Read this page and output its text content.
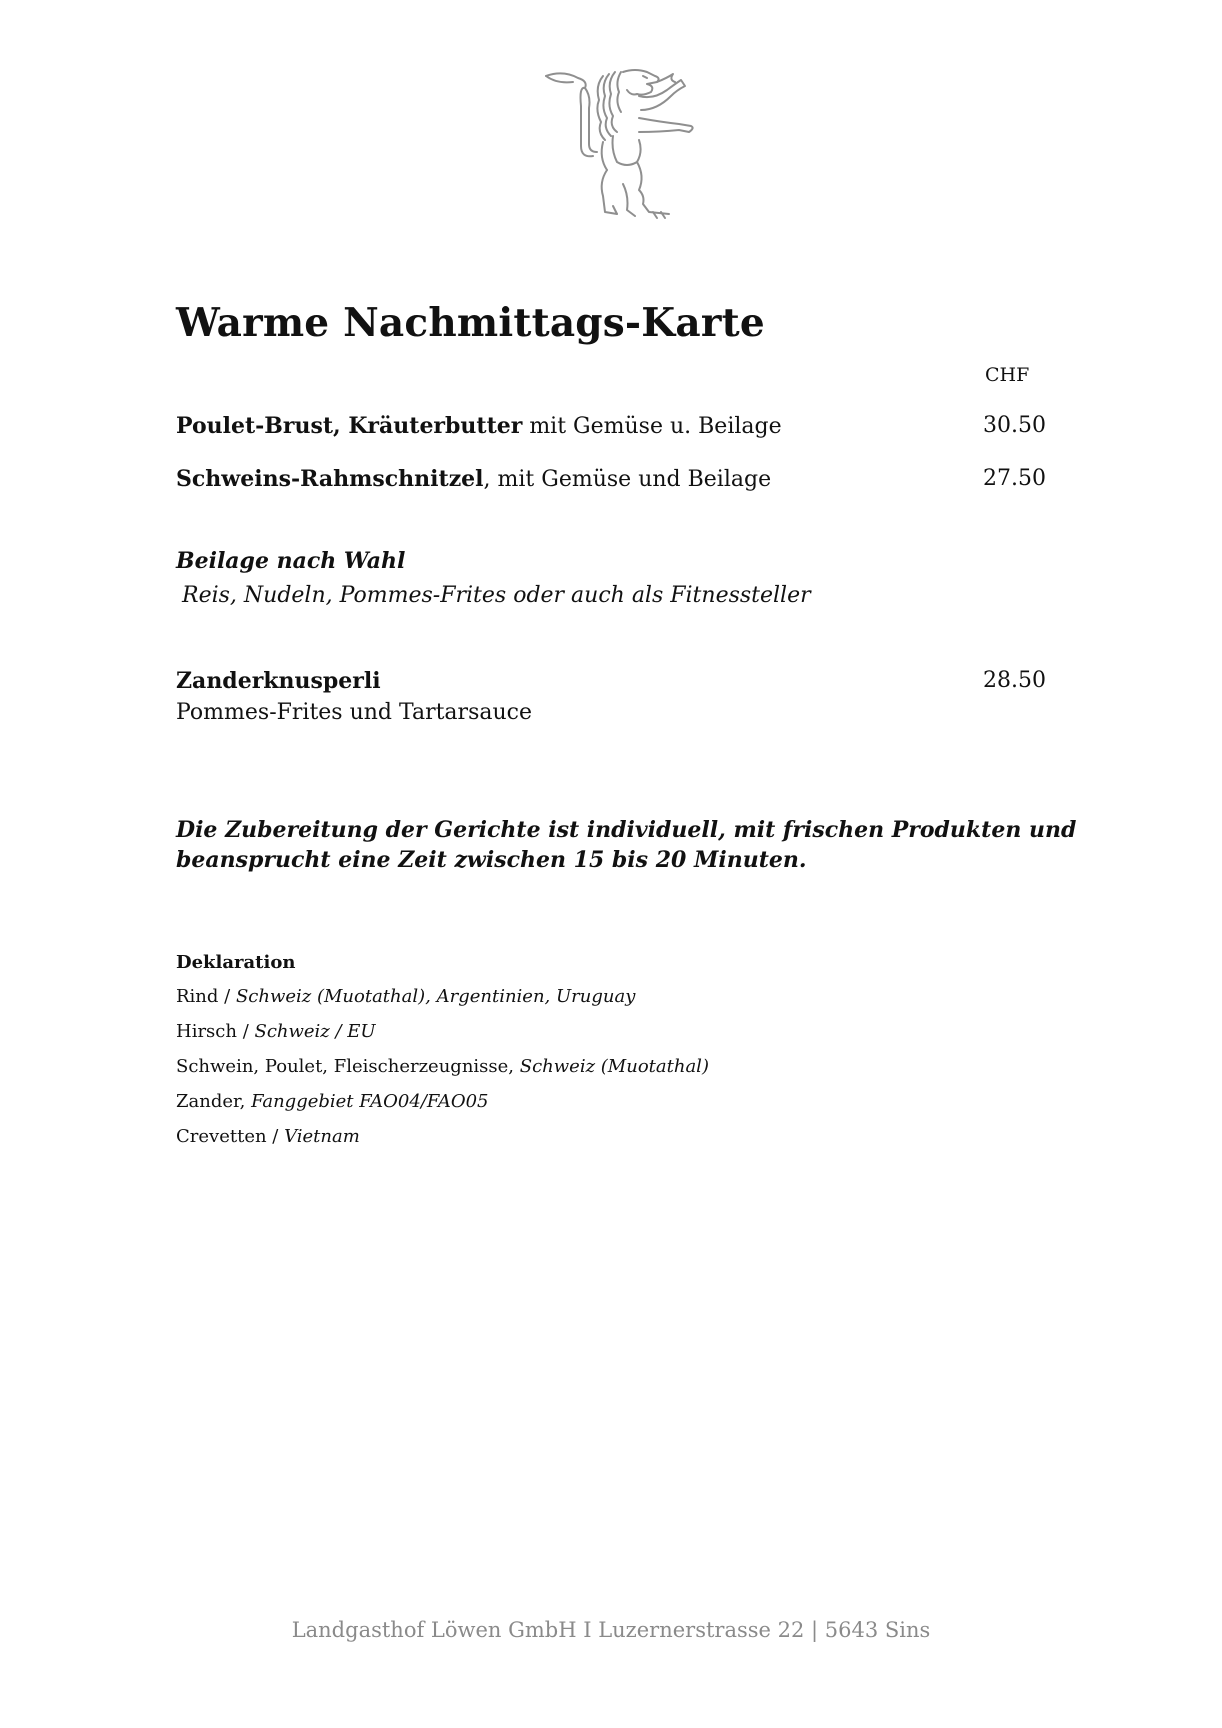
Warme Nachmittags-Karte
CHF
Poulet-Brust, Kräuterbutter mit Gemüse u. Beilage	30.50
Schweins-Rahmschnitzel, mit Gemüse und Beilage	27.50
Beilage nach Wahl
Reis, Nudeln, Pommes-Frites oder auch als Fitnessteller
Zanderknusperli	28.50
Pommes-Frites und Tartarsauce

Die Zubereitung der Gerichte ist individuell, mit frischen Produkten und beansprucht eine Zeit zwischen 15 bis 20 Minuten.

Deklaration
Rind / Schweiz (Muotathal), Argentinien, Uruguay
Hirsch / Schweiz / EU
Schwein, Poulet, Fleischerzeugnisse, Schweiz (Muotathal)
Zander, Fanggebiet FAO04/FAO05
Crevetten / Vietnam
Landgasthof Löwen GmbH I Luzernerstrasse 22 | 5643 Sins
